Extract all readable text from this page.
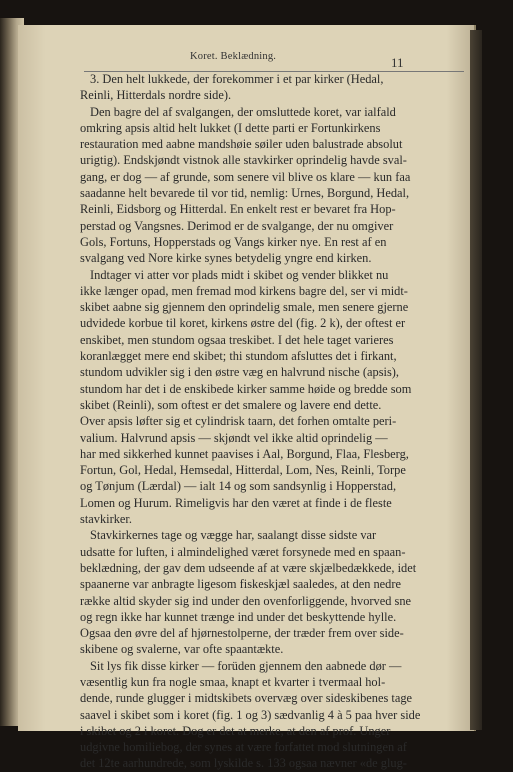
Koret. Beklædning.	11
3. Den helt lukkede, der forekommer i et par kirker (Hedal,
Reinli, Hitterdals nordre side).
Den bagre del af svalgangen, der omsluttede koret, var ialfald
omkring apsis altid helt lukket (I dette parti er Fortunkirkens
restauration med aabne mandshøie søiler uden balustrade absolut
urigtig). Endskjøndt vistnok alle stavkirker oprindelig havde sval-
gang, er dog — af grunde, som senere vil blive os klare — kun faa
saadanne helt bevarede til vor tid, nemlig: Urnes, Borgund, Hedal,
Reinli, Eidsborg og Hitterdal. En enkelt rest er bevaret fra Hop-
perstad og Vangsnes. Derimod er de svalgange, der nu omgiver
Gols, Fortuns, Hopperstads og Vangs kirker nye. En rest af en
svalgang ved Nore kirke synes betydelig yngre end kirken.
Indtager vi atter vor plads midt i skibet og vender blikket nu
ikke længer opad, men fremad mod kirkens bagre del, ser vi midt-
skibet aabne sig gjennem den oprindelig smale, men senere gjerne
udvidede korbue til koret, kirkens østre del (fig. 2 k), der oftest er
enskibet, men stundom ogsaa treskibet. I det hele taget varieres
koranlægget mere end skibet; thi stundom afsluttes det i firkant,
stundom udvikler sig i den østre væg en halvrund nische (apsis),
stundom har det i de enskibede kirker samme høide og bredde som
skibet (Reinli), som oftest er det smalere og lavere end dette.
Over apsis løfter sig et cylindrisk taarn, det forhen omtalte peri-
valium. Halvrund apsis — skjøndt vel ikke altid oprindelig —
har med sikkerhed kunnet paavises i Aal, Borgund, Flaa, Flesberg,
Fortun, Gol, Hedal, Hemsedal, Hitterdal, Lom, Nes, Reinli, Torpe
og Tønjum (Lærdal) — ialt 14 og som sandsynlig i Hopperstad,
Lomen og Hurum. Rimeligvis har den været at finde i de fleste
stavkirker.
Stavkirkernes tage og vægge har, saalangt disse sidste var
udsatte for luften, i almindelighed været forsynede med en spaan-
beklædning, der gav dem udseende af at være skjælbedækkede, idet
spaanerne var anbragte ligesom fiskeskjæl saaledes, at den nedre
række altid skyder sig ind under den ovenforliggende, hvorved sne
og regn ikke har kunnet trænge ind under det beskyttende hylle.
Ogsaa den øvre del af hjørnestolperne, der træder frem over side-
skibene og svalerne, var ofte spaantækte.
Sit lys fik disse kirker — forüden gjennem den aabnede dør —
væsentlig kun fra nogle smaa, knapt et kvarter i tvermaal hol-
dende, runde glugger i midtskibets overvæg over sideskibenes tage
saavel i skibet som i koret (fig. 1 og 3) sædvanlig 4 à 5 paa hver side
i skibet og 2 i koret. Dog er det at merke, at den af prof. Unger
udgivne homiliebog, der synes at være forfattet mod slutningen af
det 12te aarhundrede, som lyskilde s. 133 ogsaa nævner «de glug-
